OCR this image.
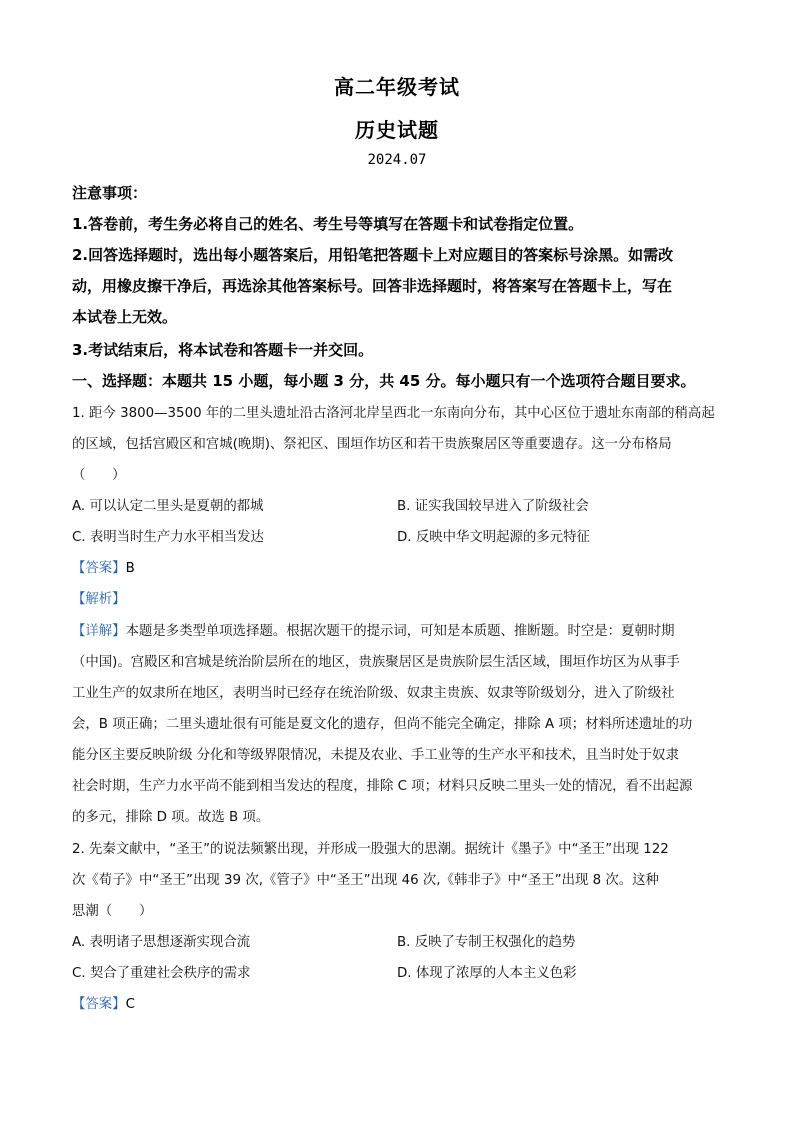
高二年级考试
历史试题
2024.07
注意事项：
1.答卷前，考生务必将自己的姓名、考生号等填写在答题卡和试卷指定位置。
2.回答选择题时，选出每小题答案后，用铅笔把答题卡上对应题目的答案标号涂黑。如需改
动，用橡皮擦干净后，再选涂其他答案标号。回答非选择题时，将答案写在答题卡上，写在
本试卷上无效。
3.考试结束后，将本试卷和答题卡一并交回。
一、选择题：本题共 15 小题，每小题 3 分，共 45 分。每小题只有一个选项符合题目要求。
1. 距今 3800—3500 年的二里头遗址沿古洛河北岸呈西北一东南向分布，其中心区位于遗址东南部的稍高起
的区域，包括宫殿区和宫城(晚期)、祭祀区、围垣作坊区和若干贵族聚居区等重要遗存。这一分布格局
（　　）
A. 可以认定二里头是夏朝的都城	B. 证实我国较早进入了阶级社会
C. 表明当时生产力水平相当发达	D. 反映中华文明起源的多元特征
【答案】B
【解析】
【详解】本题是多类型单项选择题。根据次题干的提示词，可知是本质题、推断题。时空是：夏朝时期
（中国)。宫殿区和宫城是统治阶层所在的地区，贵族聚居区是贵族阶层生活区域，围垣作坊区为从事手
工业生产的奴隶所在地区，表明当时已经存在统治阶级、奴隶主贵族、奴隶等阶级划分，进入了阶级社
会，B 项正确；二里头遗址很有可能是夏文化的遗存，但尚不能完全确定，排除 A 项；材料所述遗址的功
能分区主要反映阶级 分化和等级界限情况，未提及农业、手工业等的生产水平和技术，且当时处于奴隶
社会时期，生产力水平尚不能到相当发达的程度，排除 C 项；材料只反映二里头一处的情况，看不出起源
的多元，排除 D 项。故选 B 项。
2. 先秦文献中，“圣王”的说法频繁出现，并形成一股强大的思潮。据统计《墨子》中“圣王”出现 122
次《荀子》中“圣王”出现 39 次,《管子》中“圣王”出现 46 次,《韩非子》中“圣王”出现 8 次。这种
思潮（　　）
A. 表明诸子思想逐渐实现合流	B. 反映了专制王权强化的趋势
C. 契合了重建社会秩序的需求	D. 体现了浓厚的人本主义色彩
【答案】C
